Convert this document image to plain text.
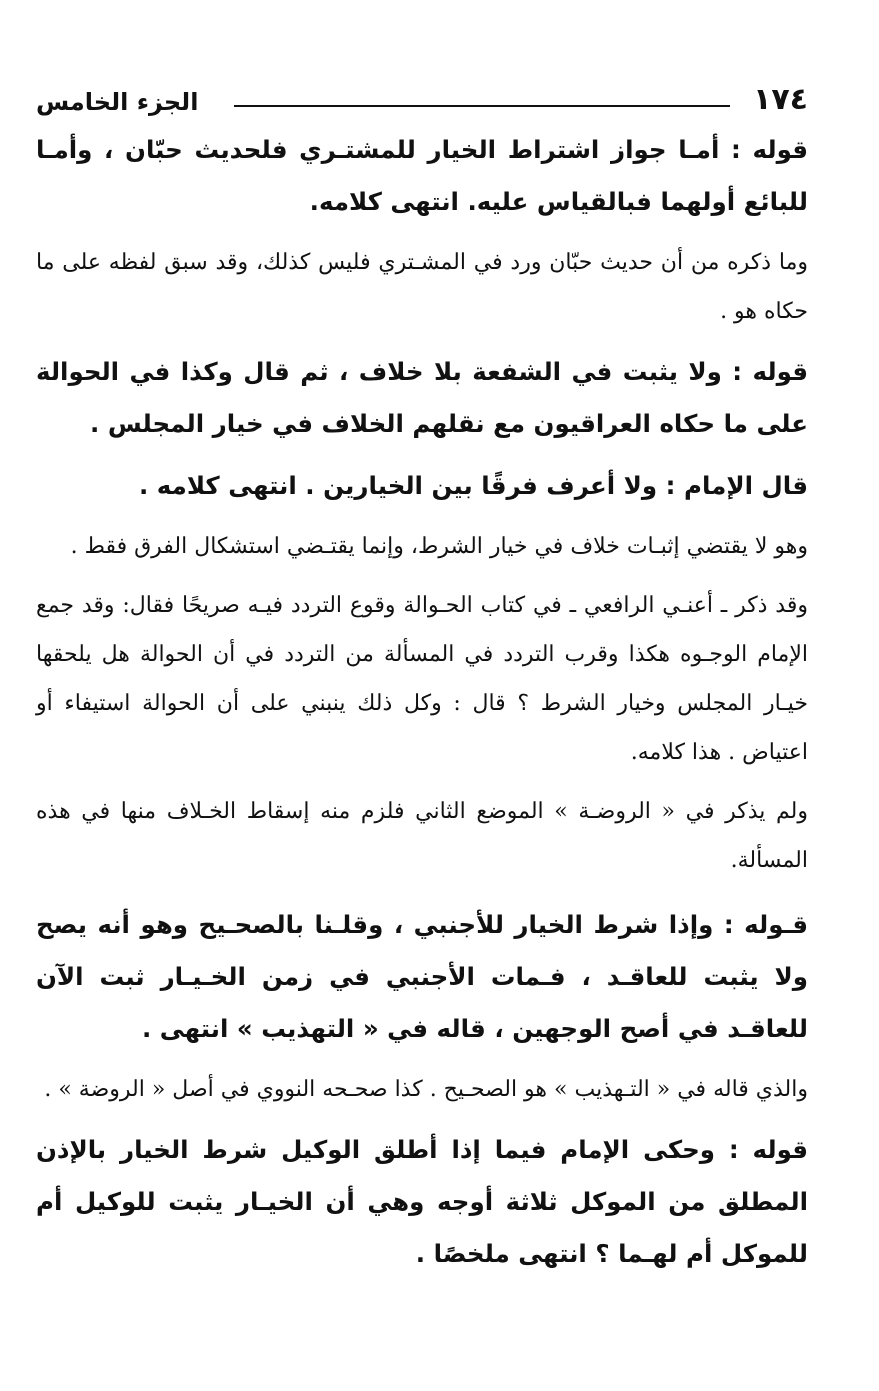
١٧٤
الجزء الخامس

قوله : أمـا جواز اشتراط الخيار للمشتـري فلحديث حبّان ، وأمـا للبائع أولهما فبالقياس عليه. انتهى كلامه.

وما ذكره من أن حديث حبّان ورد في المشـتري فليس كذلك، وقد سبق لفظه على ما حكاه هو .

قوله : ولا يثبت في الشفعة بلا خلاف ، ثم قال وكذا في الحوالة على ما حكاه العراقيون مع نقلهم الخلاف في خيار المجلس .

قال الإمام : ولا أعرف فرقًا بين الخيارين . انتهى كلامه .

وهو لا يقتضي إثبـات خلاف في خيار الشرط، وإنما يقتـضي استشكال الفرق فقط .

وقد ذكر ـ أعنـي الرافعي ـ في كتاب الحـوالة وقوع التردد فيـه صريحًا فقال: وقد جمع الإمام الوجـوه هكذا وقرب التردد في المسألة من التردد في أن الحوالة هل يلحقها خيـار المجلس وخيار الشرط ؟ قال : وكل ذلك ينبني على أن الحوالة استيفاء أو اعتياض . هذا كلامه.

ولم يذكر في « الروضـة » الموضع الثاني فلزم منه إسقاط الخـلاف منها في هذه المسألة.

قـوله : وإذا شرط الخيار للأجنبي ، وقلـنا بالصحـيح وهو أنه يصح ولا يثبت للعاقـد ، فـمات الأجنبي في زمن الخـيـار ثبت الآن للعاقـد في أصح الوجهين ، قاله في « التهذيب » انتهى .

والذي قاله في « التـهذيب » هو الصحـيح . كذا صحـحه النووي في أصل « الروضة » .

قوله : وحكى الإمام فيما إذا أطلق الوكيل شرط الخيار بالإذن المطلق من الموكل ثلاثة أوجه وهي أن الخيـار يثبت للوكيل أم للموكل أم لهـما ؟ انتهى ملخصًا .
